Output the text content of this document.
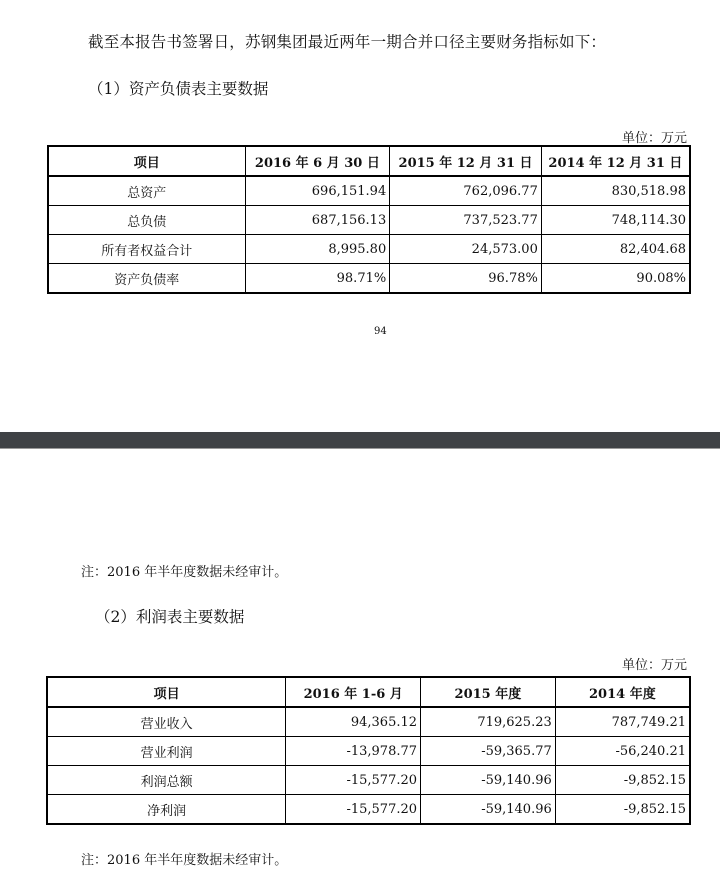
截至本报告书签署日，苏钢集团最近两年一期合并口径主要财务指标如下：
（1）资产负债表主要数据
单位：万元
项目	2016 年 6 月 30 日	2015 年 12 月 31 日	2014 年 12 月 31 日
总资产	696,151.94	762,096.77	830,518.98
总负债	687,156.13	737,523.77	748,114.30
所有者权益合计	8,995.80	24,573.00	82,404.68
资产负债率	98.71%	96.78%	90.08%
94
注：2016 年半年度数据未经审计。
（2）利润表主要数据
单位：万元
项目	2016 年 1-6 月	2015 年度	2014 年度
营业收入	94,365.12	719,625.23	787,749.21
营业利润	-13,978.77	-59,365.77	-56,240.21
利润总额	-15,577.20	-59,140.96	-9,852.15
净利润	-15,577.20	-59,140.96	-9,852.15
注：2016 年半年度数据未经审计。
